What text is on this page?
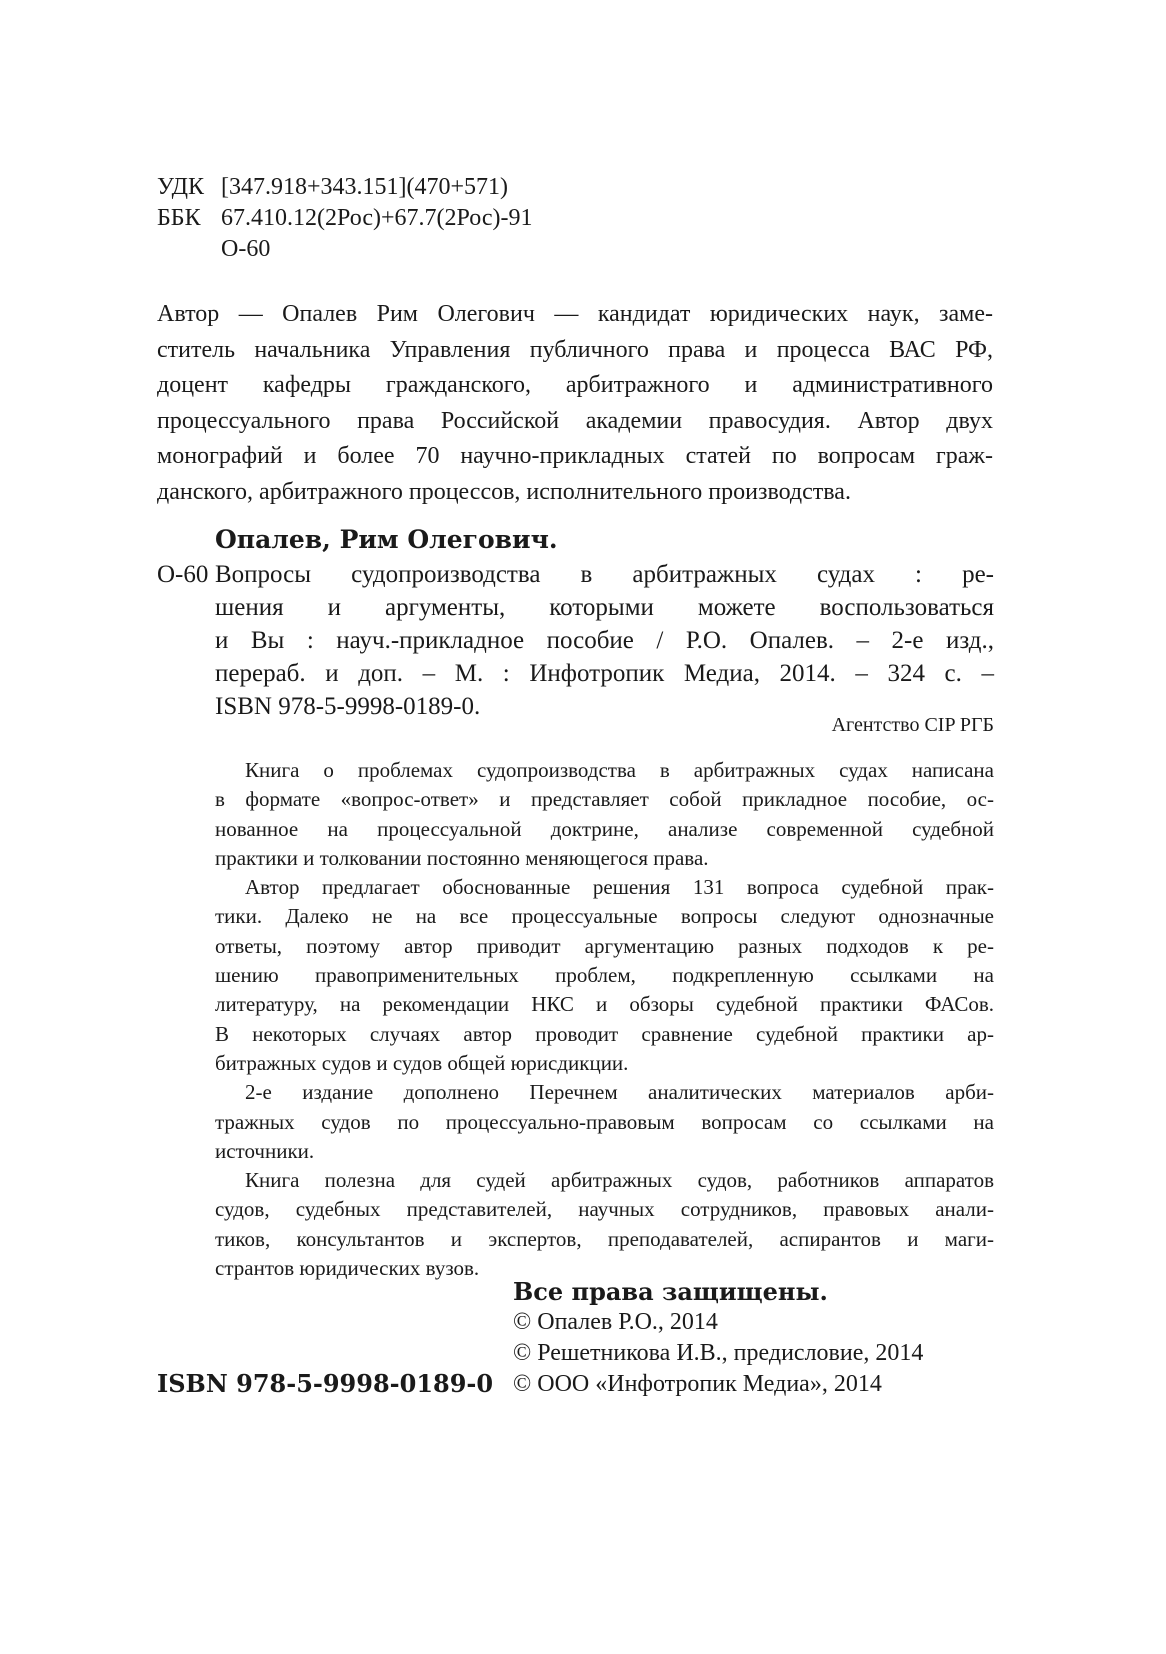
УДК [347.918+343.151](470+571)
ББК 67.410.12(2Рос)+67.7(2Рос)-91
О-60
Автор — Опалев Рим Олегович — кандидат юридических наук, заме-
ститель начальника Управления публичного права и процесса ВАС РФ,
доцент кафедры гражданского, арбитражного и административного
процессуального права Российской академии правосудия. Автор двух
монографий и более 70 научно-прикладных статей по вопросам граж-
данского, арбитражного процессов, исполнительного производства.
Опалев, Рим Олегович.
О-60 Вопросы судопроизводства в арбитражных судах : ре-
шения и аргументы, которыми можете воспользоваться
и Вы : науч.-прикладное пособие / Р.О. Опалев. – 2-е изд.,
перераб. и доп. – М. : Инфотропик Медиа, 2014. – 324 с. –
ISBN 978-5-9998-0189-0.
Агентство CIP РГБ
Книга о проблемах судопроизводства в арбитражных судах написана
в формате «вопрос-ответ» и представляет собой прикладное пособие, ос-
нованное на процессуальной доктрине, анализе современной судебной
практики и толковании постоянно меняющегося права.
Автор предлагает обоснованные решения 131 вопроса судебной прак-
тики. Далеко не на все процессуальные вопросы следуют однозначные
ответы, поэтому автор приводит аргументацию разных подходов к ре-
шению правоприменительных проблем, подкрепленную ссылками на
литературу, на рекомендации НКС и обзоры судебной практики ФАСов.
В некоторых случаях автор проводит сравнение судебной практики ар-
битражных судов и судов общей юрисдикции.
2-е издание дополнено Перечнем аналитических материалов арби-
тражных судов по процессуально-правовым вопросам со ссылками на
источники.
Книга полезна для судей арбитражных судов, работников аппаратов
судов, судебных представителей, научных сотрудников, правовых анали-
тиков, консультантов и экспертов, преподавателей, аспирантов и маги-
странтов юридических вузов.
Все права защищены.
© Опалев Р.О., 2014
© Решетникова И.В., предисловие, 2014
© ООО «Инфотропик Медиа», 2014
ISBN 978-5-9998-0189-0
